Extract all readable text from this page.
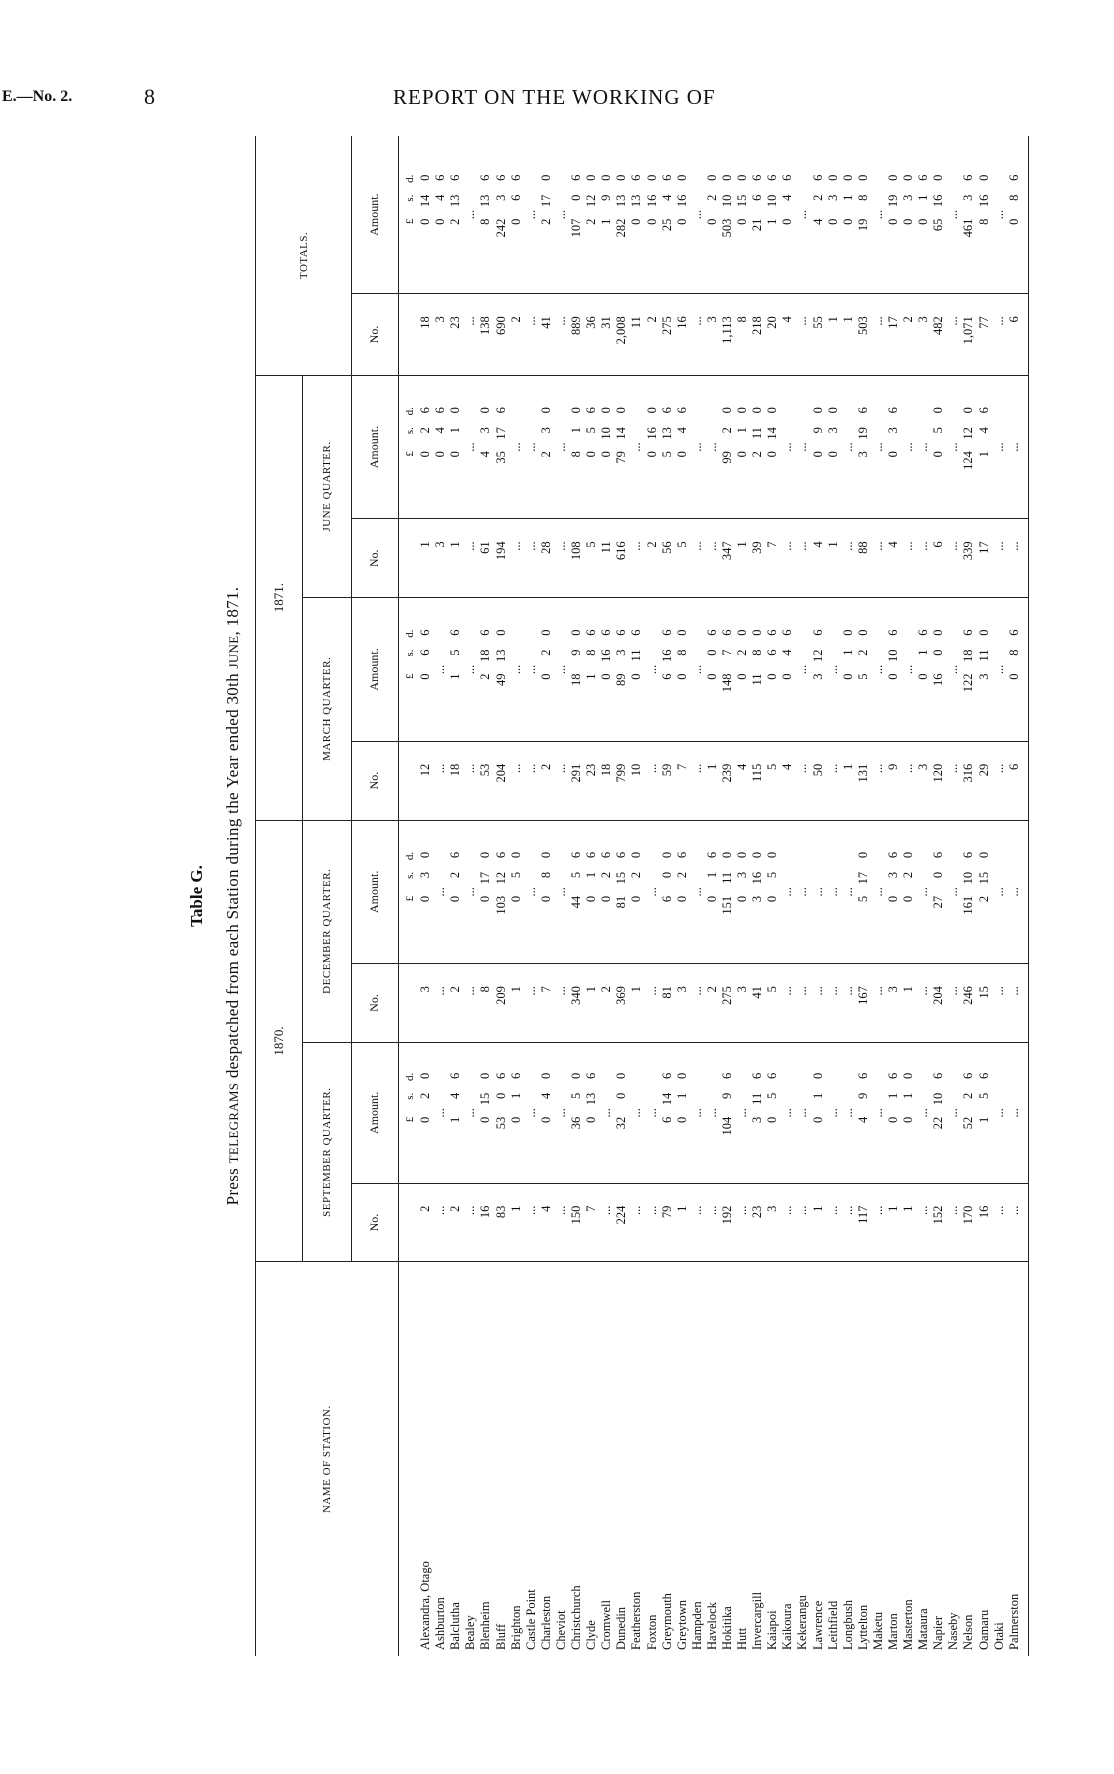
E.—No. 2.	8	REPORT ON THE WORKING OF
Table G.
Press TELEGRAMS despatched from each Station during the Year ended 30th JUNE, 1871.
NAME OF STATION.	1870.				1871.				TOTALS.	
	SEPTEMBER QUARTER.		DECEMBER QUARTER.		MARCH QUARTER.		JUNE QUARTER.			
	No.	Amount.	No.	Amount.	No.	Amount.	No.	Amount.	No.	Amount.
		£s.d.		£s.d.		£s.d.		£s.d.		£s.d.
Alexandra, Otago	2	020	3	030	12	066	1	026	18	0140
Ashburton	...	...	...	...	...	...	3	046	3	046
Balclutha	2	146	2	026	18	156	1	010	23	2136
Bealey	...	...	...	...	...	...	...	...	...	...
Blenheim	16	0150	8	0170	53	2186	61	430	138	8136
Bluff	83	5306	209	103126	204	49130	194	35176	690	24236
Brighton	1	016	1	050	...	...	...	...	2	066
Castle Point	...	...	...	...	...	...	...	...	...	...
Charleston	4	040	7	080	2	020	28	230	41	2170
Cheviot	...	...	...	...	...	...	...	...	...	...
Christchurch	150	3650	340	4456	291	1890	108	810	889	10706
Clyde	7	0136	1	016	23	186	5	056	36	2120
Cromwell	...	...	2	026	18	0166	11	0100	31	190
Dunedin	224	3200	369	81156	799	8936	616	79140	2,008	282130
Featherston	...	...	1	020	10	0116	...	...	11	0136
Foxton	...	...	...	...	...	...	2	0160	2	0160
Greymouth	79	6146	81	600	59	6166	56	5136	275	2546
Greytown	1	010	3	026	7	080	5	046	16	0160
Hampden	...	...	...	...	...	...	...	...	...	...
Havelock	...	...	2	016	1	006	...	...	3	020
Hokitika	192	10496	275	151110	239	14876	347	9920	1,113	503100
Hutt	...	...	3	030	4	020	1	010	8	0150
Invercargill	23	3116	41	3160	115	1180	39	2110	218	2166
Kaiapoi	3	056	5	050	5	066	7	0140	20	1106
Kaikoura	...	...	...	...	4	046	...	...	4	046
Kekerangu	...	...	...	...	...	...	...	...	...	...
Lawrence	1	010	...	...	50	3126	4	090	55	426
Leithfield	...	...	...	...	...	...	1	030	1	030
Longbush	...	...	...	...	1	010	...	...	1	010
Lyttelton	117	496	167	5170	131	520	88	3196	503	1980
Maketu	...	...	...	...	...	...	...	...	...	...
Marton	1	016	3	036	9	0106	4	036	17	0190
Masterton	1	010	1	020	...	...	...	...	2	030
Mataura	...	...	...	...	3	016	...	...	3	016
Napier	152	22106	204	2706	120	1600	6	050	482	65160
Naseby	...	...	...	...	...	...	...	...	...	...
Nelson	170	5226	246	161106	316	122186	339	124120	1,071	46136
Oamaru	16	156	15	2150	29	3110	17	146	77	8160
Otaki	...	...	...	...	...	...	...	...	...	...
Palmerston	...	...	...	...	6	086	...	...	6	086
